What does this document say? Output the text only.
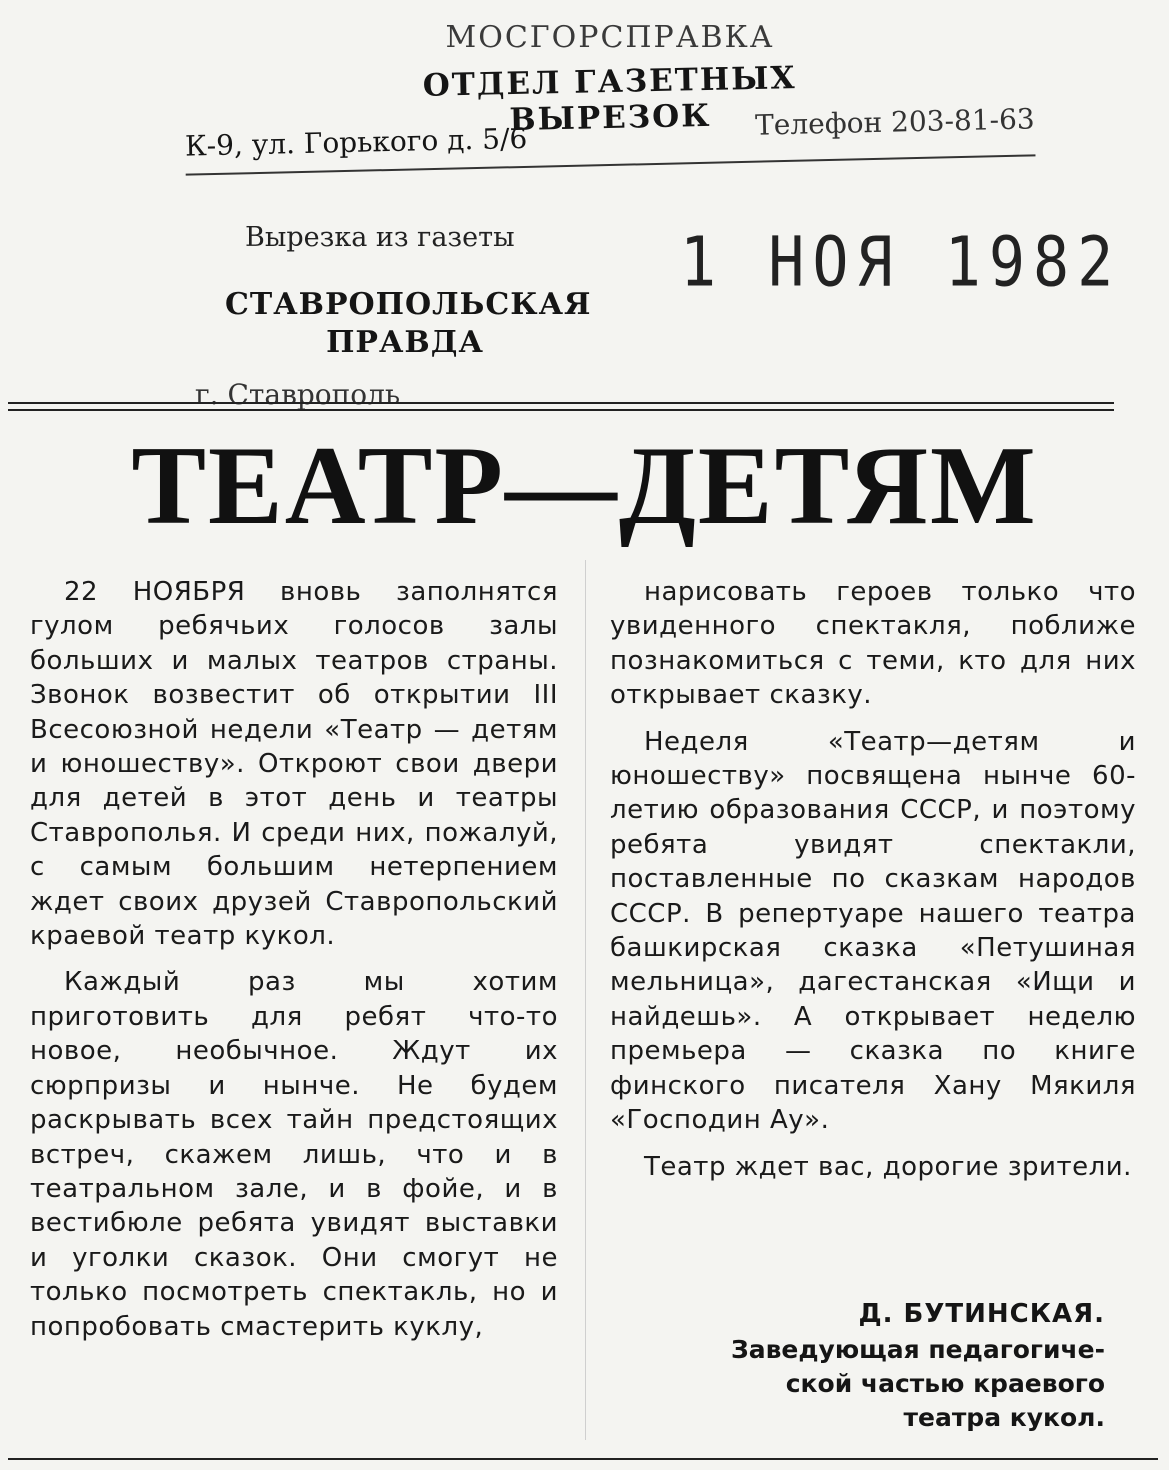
МОСГОРСПРАВКА
ОТДЕЛ ГАЗЕТНЫХ ВЫРЕЗОК
К-9, ул. Горького д. 5/6	Телефон 203-81-63
Вырезка из газеты	1 НОЯ 1982
СТАВРОПОЛЬСКАЯ
ПРАВДА
г. Ставрополь
ТЕАТР—ДЕТЯМ

22 НОЯБРЯ вновь заполнятся гулом ребячьих голосов залы больших и малых театров страны. Звонок возвестит об открытии III Всесоюзной недели «Театр — детям и юношеству». Откроют свои двери для детей в этот день и театры Ставрополья. И среди них, пожалуй, с самым большим нетерпением ждет своих друзей Ставропольский краевой театр кукол.

Каждый раз мы хотим приготовить для ребят что-то новое, необычное. Ждут их сюрпризы и нынче. Не будем раскрывать всех тайн предстоящих встреч, скажем лишь, что и в театральном зале, и в фойе, и в вестибюле ребята увидят выставки и уголки сказок. Они смогут не только посмотреть спектакль, но и попробовать смастерить куклу,

нарисовать героев только что увиденного спектакля, поближе познакомиться с теми, кто для них открывает сказку.

Неделя «Театр—детям и юношеству» посвящена нынче 60-летию образования СССР, и поэтому ребята увидят спектакли, поставленные по сказкам народов СССР. В репертуаре нашего театра башкирская сказка «Петушиная мельница», дагестанская «Ищи и найдешь». А открывает неделю премьера — сказка по книге финского писателя Хану Мякиля «Господин Ау».

Театр ждет вас, дорогие зрители.

Д. БУТИНСКАЯ.
Заведующая педагогиче-
ской частью краевого
театра кукол.
